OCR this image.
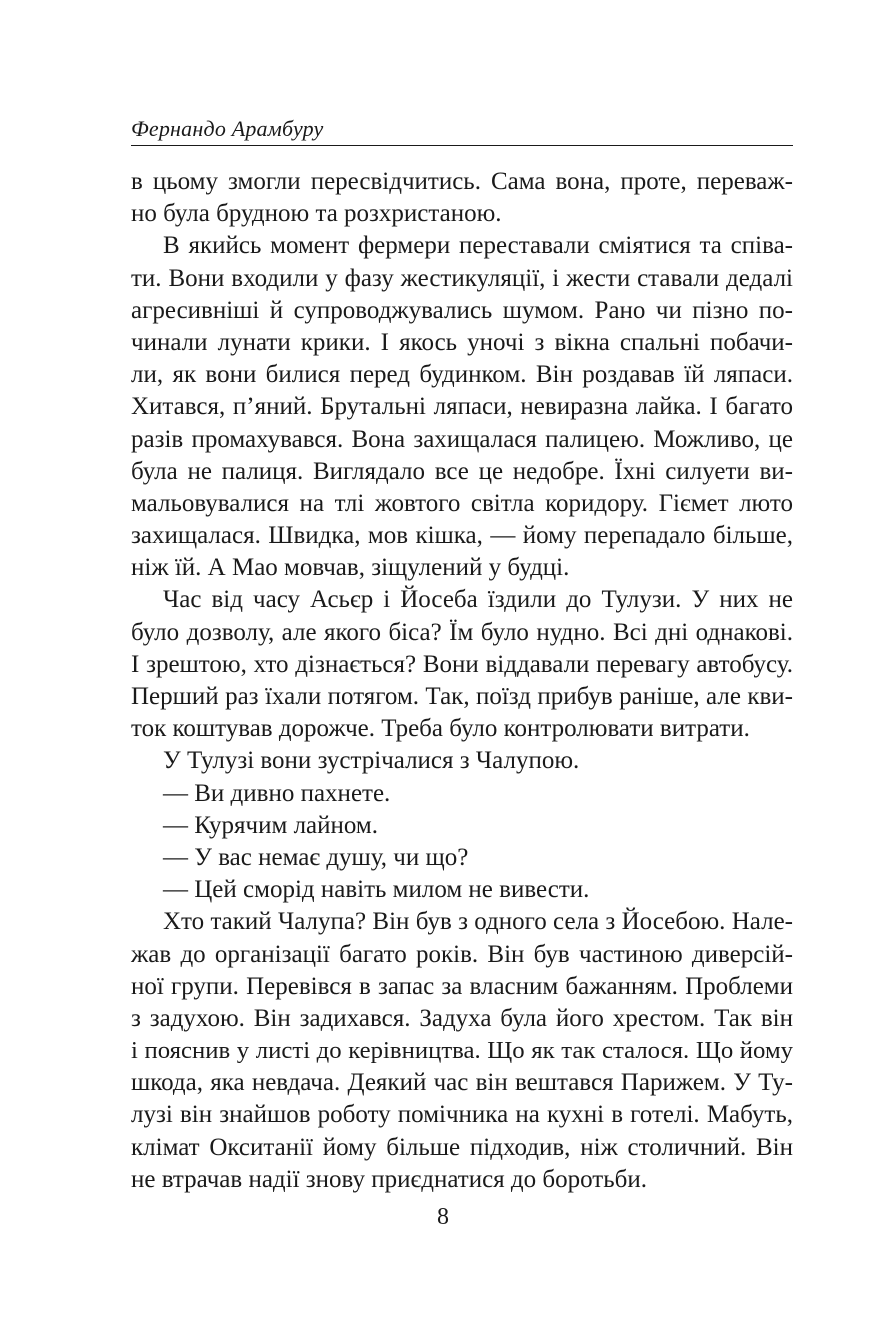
Фернандо Арамбуру
в цьому змогли пересвідчитись. Сама вона, проте, переваж-
но була брудною та розхристаною.
В якийсь момент фермери переставали сміятися та співа-
ти. Вони входили у фазу жестикуляції, і жести ставали дедалі
агресивніші й супроводжувались шумом. Рано чи пізно по-
чинали лунати крики. І якось уночі з вікна спальні побачи-
ли, як вони билися перед будинком. Він роздавав їй ляпаси.
Хитався, п’яний. Брутальні ляпаси, невиразна лайка. І багато
разів промахувався. Вона захищалася палицею. Можливо, це
була не палиця. Виглядало все це недобре. Їхні силуети ви-
мальовувалися на тлі жовтого світла коридору. Гіємет люто
захищалася. Швидка, мов кішка, — йому перепадало більше,
ніж їй. А Мао мовчав, зіщулений у будці.
Час від часу Асьєр і Йосеба їздили до Тулузи. У них не
було дозволу, але якого біса? Їм було нудно. Всі дні однакові.
І зрештою, хто дізнається? Вони віддавали перевагу автобусу.
Перший раз їхали потягом. Так, поїзд прибув раніше, але кви-
ток коштував дорожче. Треба було контролювати витрати.
У Тулузі вони зустрічалися з Чалупою.
— Ви дивно пахнете.
— Курячим лайном.
— У вас немає душу, чи що?
— Цей сморід навіть милом не вивести.
Хто такий Чалупа? Він був з одного села з Йосебою. Нале-
жав до організації багато років. Він був частиною диверсій-
ної групи. Перевівся в запас за власним бажанням. Проблеми
з задухою. Він задихався. Задуха була його хрестом. Так він
і пояснив у листі до керівництва. Що як так сталося. Що йому
шкода, яка невдача. Деякий час він вештався Парижем. У Ту-
лузі він знайшов роботу помічника на кухні в готелі. Мабуть,
клімат Окситанії йому більше підходив, ніж столичний. Він
не втрачав надії знову приєднатися до боротьби.
8
